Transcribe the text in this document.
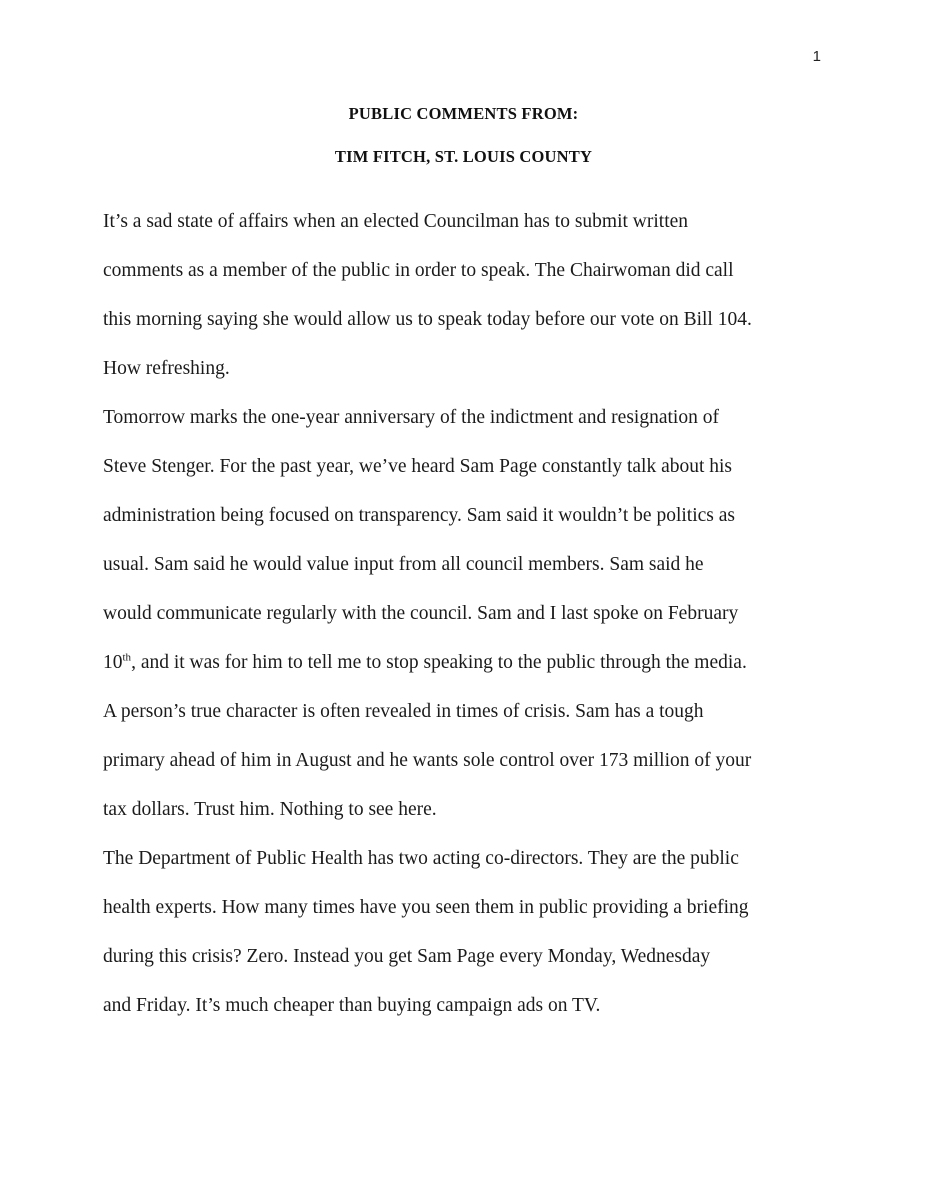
1
PUBLIC COMMENTS FROM:
TIM FITCH, ST. LOUIS COUNTY
It’s a sad state of affairs when an elected Councilman has to submit written
comments as a member of the public in order to speak. The Chairwoman did call
this morning saying she would allow us to speak today before our vote on Bill 104.
How refreshing.
Tomorrow marks the one-year anniversary of the indictment and resignation of
Steve Stenger. For the past year, we’ve heard Sam Page constantly talk about his
administration being focused on transparency. Sam said it wouldn’t be politics as
usual. Sam said he would value input from all council members. Sam said he
would communicate regularly with the council. Sam and I last spoke on February
10th, and it was for him to tell me to stop speaking to the public through the media.
A person’s true character is often revealed in times of crisis. Sam has a tough
primary ahead of him in August and he wants sole control over 173 million of your
tax dollars. Trust him. Nothing to see here.
The Department of Public Health has two acting co-directors. They are the public
health experts. How many times have you seen them in public providing a briefing
during this crisis? Zero. Instead you get Sam Page every Monday, Wednesday
and Friday. It’s much cheaper than buying campaign ads on TV.
